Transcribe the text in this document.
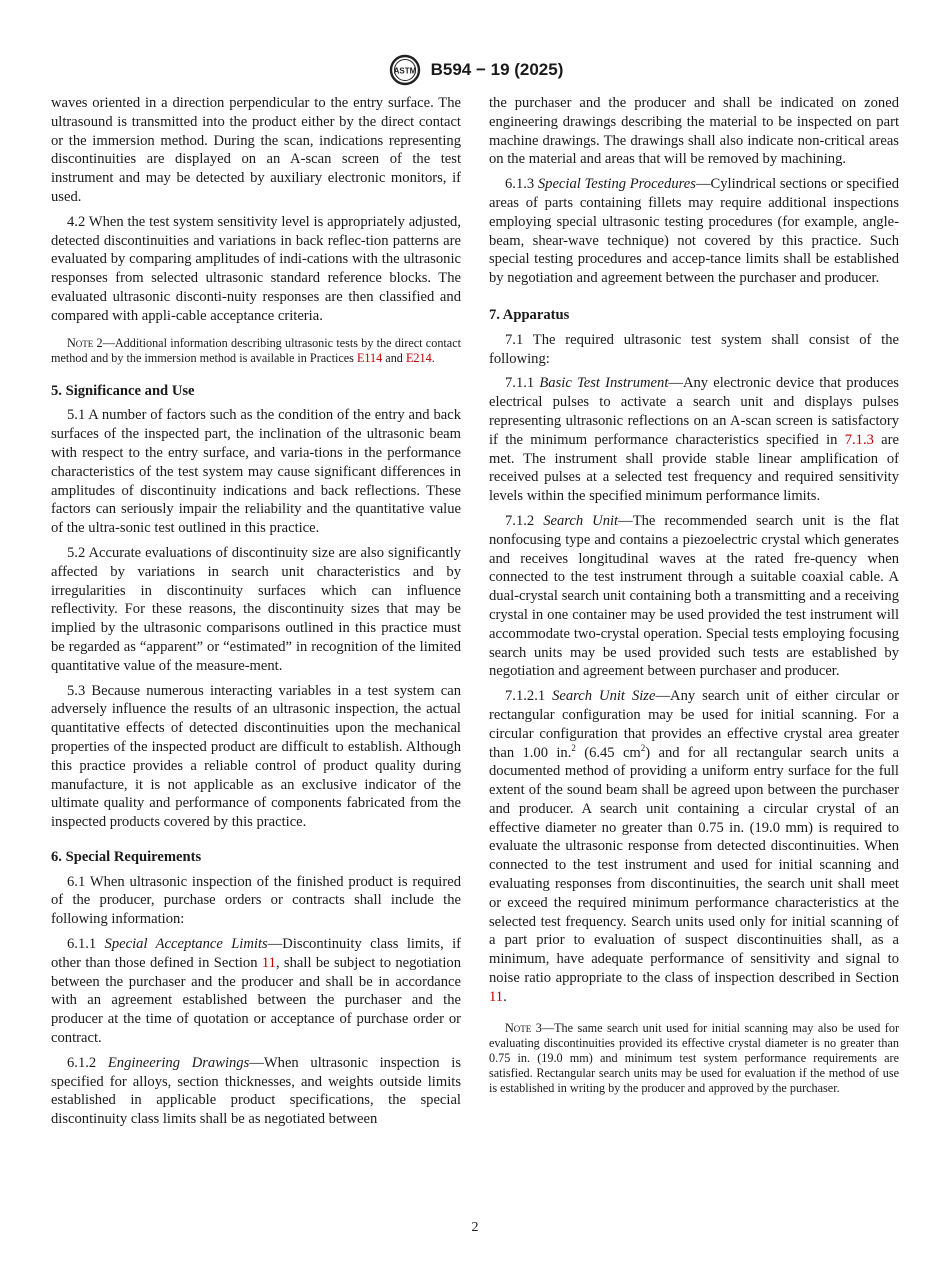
ASTM B594 − 19 (2025)

waves oriented in a direction perpendicular to the entry surface. The ultrasound is transmitted into the product either by the direct contact or the immersion method. During the scan, indications representing discontinuities are displayed on an A-scan screen of the test instrument and may be detected by auxiliary electronic monitors, if used.

4.2 When the test system sensitivity level is appropriately adjusted, detected discontinuities and variations in back reflec-tion patterns are evaluated by comparing amplitudes of indi-cations with the ultrasonic responses from selected ultrasonic standard reference blocks. The evaluated ultrasonic disconti-nuity responses are then classified and compared with appli-cable acceptance criteria.

Note 2—Additional information describing ultrasonic tests by the direct contact method and by the immersion method is available in Practices E114 and E214.
5. Significance and Use

5.1 A number of factors such as the condition of the entry and back surfaces of the inspected part, the inclination of the ultrasonic beam with respect to the entry surface, and varia-tions in the performance characteristics of the test system may cause significant differences in amplitudes of discontinuity indications and back reflections. These factors can seriously impair the reliability and the quantitative value of the ultra-sonic test outlined in this practice.

5.2 Accurate evaluations of discontinuity size are also significantly affected by variations in search unit characteristics and by irregularities in discontinuity surfaces which can influence reflectivity. For these reasons, the discontinuity sizes that may be implied by the ultrasonic comparisons outlined in this practice must be regarded as “apparent” or “estimated” in recognition of the limited quantitative value of the measure-ment.

5.3 Because numerous interacting variables in a test system can adversely influence the results of an ultrasonic inspection, the actual quantitative effects of detected discontinuities upon the mechanical properties of the inspected product are difficult to establish. Although this practice provides a reliable control of product quality during manufacture, it is not applicable as an exclusive indicator of the ultimate quality and performance of components fabricated from the inspected products covered by this practice.

6. Special Requirements

6.1 When ultrasonic inspection of the finished product is required of the producer, purchase orders or contracts shall include the following information:

6.1.1 Special Acceptance Limits—Discontinuity class limits, if other than those defined in Section 11, shall be subject to negotiation between the purchaser and the producer and shall be in accordance with an agreement established between the purchaser and the producer at the time of quotation or acceptance of purchase order or contract.

6.1.2 Engineering Drawings—When ultrasonic inspection is specified for alloys, section thicknesses, and weights outside limits established in applicable product specifications, the special discontinuity class limits shall be as negotiated between

the purchaser and the producer and shall be indicated on zoned engineering drawings describing the material to be inspected on part machine drawings. The drawings shall also indicate non-critical areas on the material and areas that will be removed by machining.

6.1.3 Special Testing Procedures—Cylindrical sections or specified areas of parts containing fillets may require additional inspections employing special ultrasonic testing procedures (for example, angle-beam, shear-wave technique) not covered by this practice. Such special testing procedures and accep-tance limits shall be established by negotiation and agreement between the purchaser and producer.

7. Apparatus

7.1 The required ultrasonic test system shall consist of the following:

7.1.1 Basic Test Instrument—Any electronic device that produces electrical pulses to activate a search unit and displays pulses representing ultrasonic reflections on an A-scan screen is satisfactory if the minimum performance characteristics specified in 7.1.3 are met. The instrument shall provide stable linear amplification of received pulses at a selected test frequency and required sensitivity levels within the specified minimum performance limits.

7.1.2 Search Unit—The recommended search unit is the flat nonfocusing type and contains a piezoelectric crystal which generates and receives longitudinal waves at the rated fre-quency when connected to the test instrument through a suitable coaxial cable. A dual-crystal search unit containing both a transmitting and a receiving crystal in one container may be used provided the test instrument will accommodate two-crystal operation. Special tests employing focusing search units may be used provided such tests are established by negotiation and agreement between purchaser and producer.

7.1.2.1 Search Unit Size—Any search unit of either circular or rectangular configuration may be used for initial scanning. For a circular configuration that provides an effective crystal area greater than 1.00 in.$^2$ (6.45 $cm^2$) and for all rectangular search units a documented method of providing a uniform entry surface for the full extent of the sound beam shall be agreed upon between the purchaser and producer. A search unit containing a circular crystal of an effective diameter no greater than 0.75 in. (19.0 mm) is required to evaluate the ultrasonic response from detected discontinuities. When connected to the test instrument and used for initial scanning and evaluating responses from discontinuities, the search unit shall meet or exceed the required minimum performance characteristics at the selected test frequency. Search units used only for initial scanning of a part prior to evaluation of suspect discontinuities shall, as a minimum, have adequate performance of sensitivity and signal to noise ratio appropriate to the class of inspection described in Section 11.

Note 3—The same search unit used for initial scanning may also be used for evaluating discontinuities provided its effective crystal diameter is no greater than 0.75 in. (19.0 mm) and minimum test system performance requirements are satisfied. Rectangular search units may be used for evaluation if the method of use is established in writing by the producer and approved by the purchaser.
2
